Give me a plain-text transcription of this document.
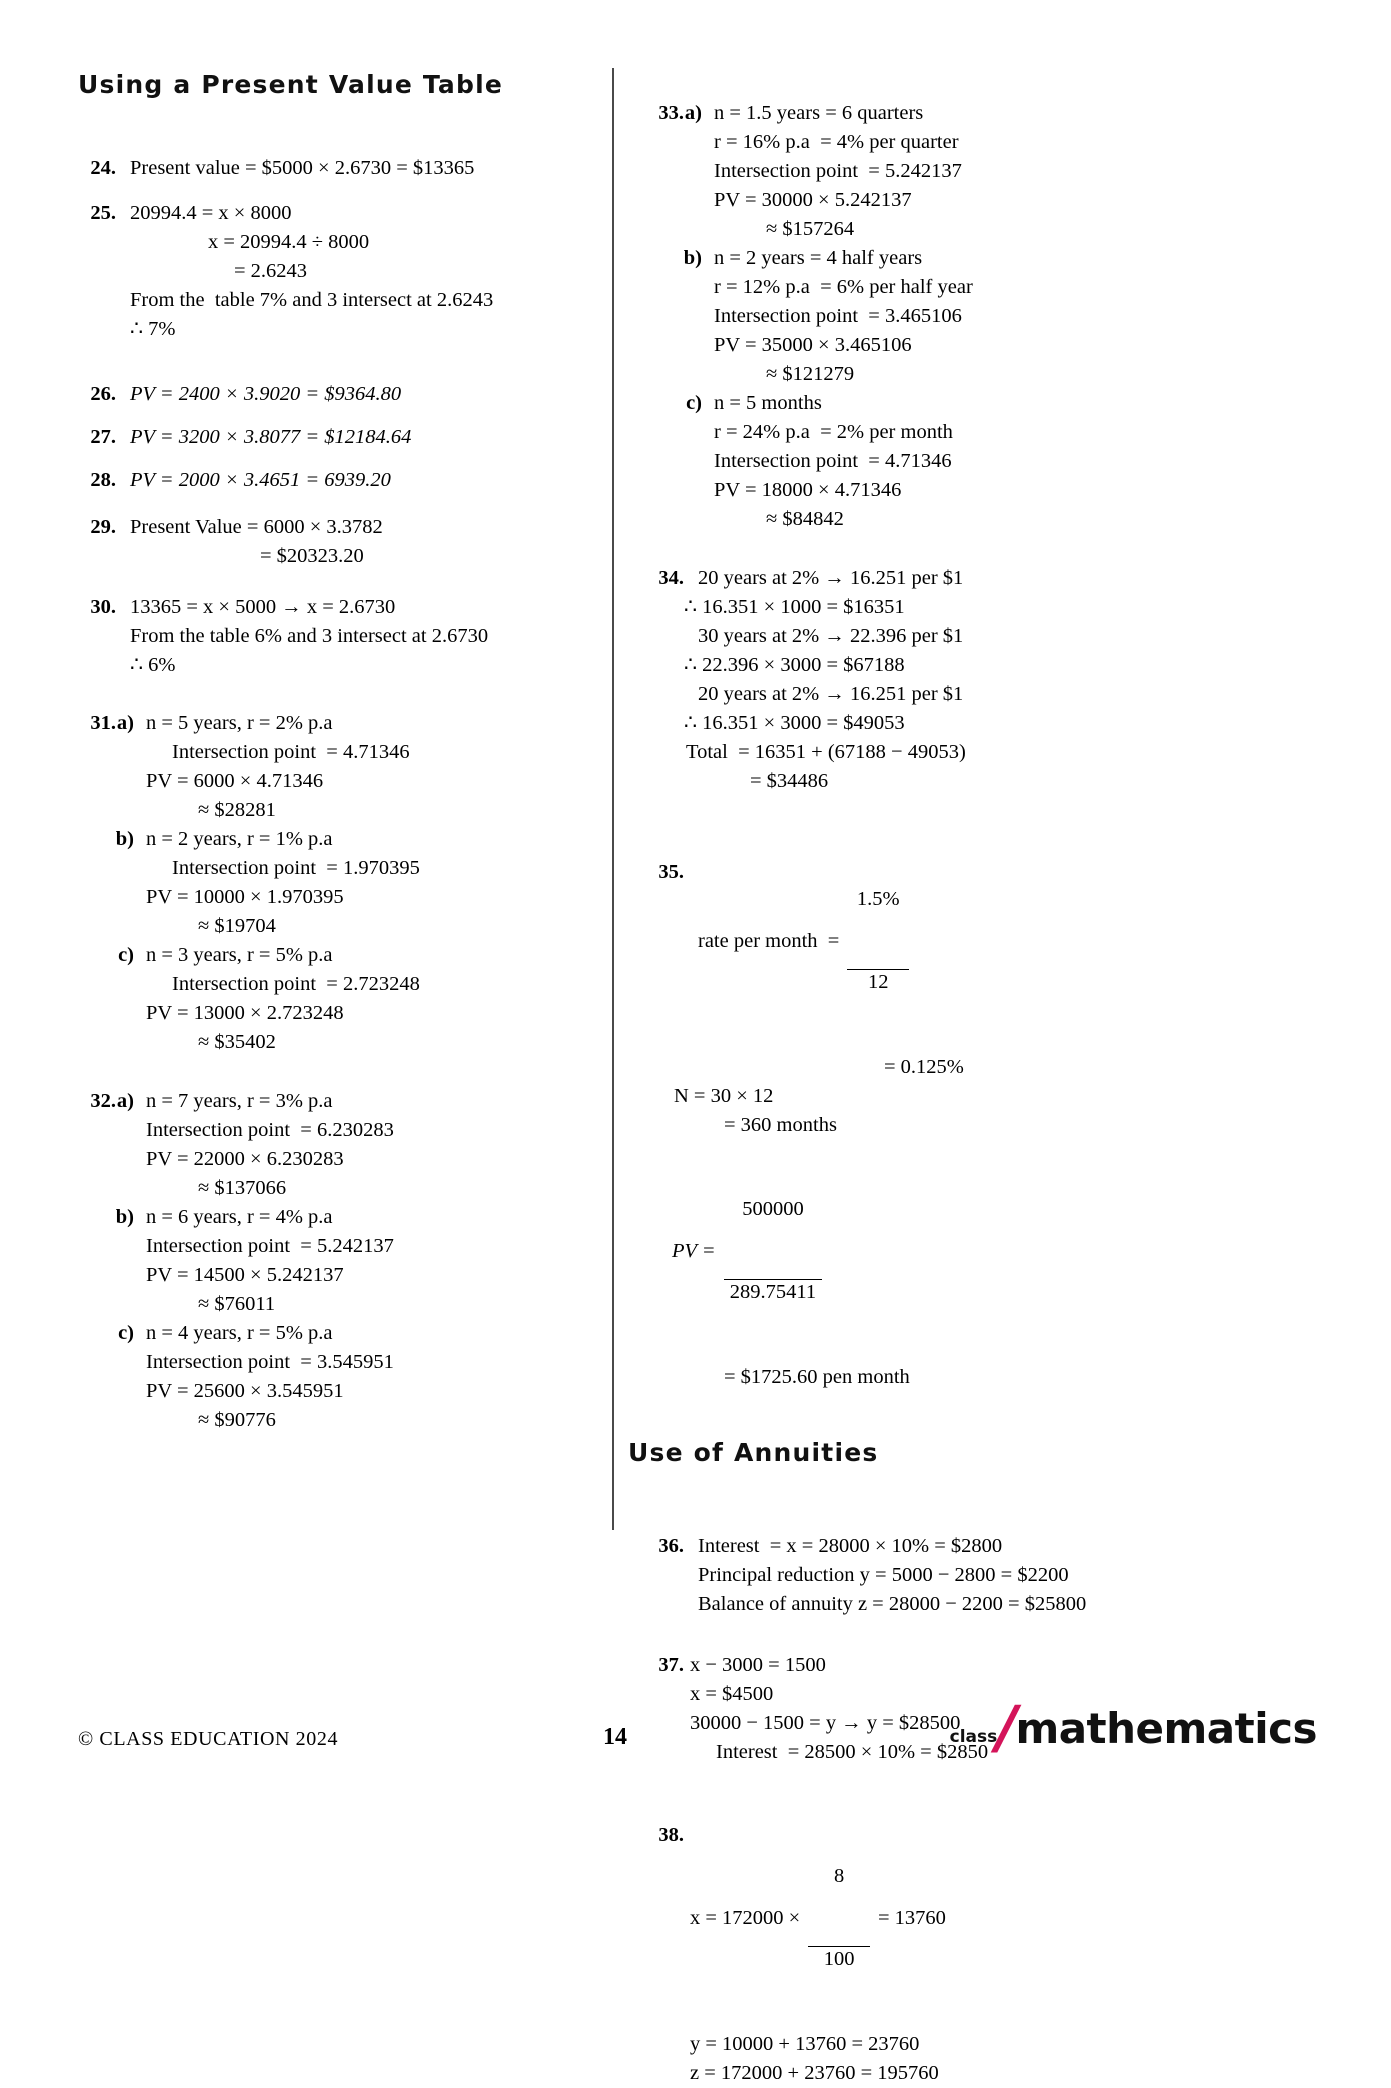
Using a Present Value Table
24. Present value = $5000 × 2.6730 = $13365
25. 20994.4 = x × 8000
x = 20994.4 ÷ 8000
= 2.6243
From the  table 7% and 3 intersect at 2.6243
∴ 7%
26. PV = 2400 × 3.9020 = $9364.80
27. PV = 3200 × 3.8077 = $12184.64
28. PV = 2000 × 3.4651 = 6939.20
29. Present Value = 6000 × 3.3782
= $20323.20
30. 13365 = x × 5000 → x = 2.6730
From the table 6% and 3 intersect at 2.6730
∴ 6%
31. a) n = 5 years, r = 2% p.a
Intersection point  = 4.71346
PV = 6000 × 4.71346
≈ $28281
b) n = 2 years, r = 1% p.a
Intersection point  = 1.970395
PV = 10000 × 1.970395
≈ $19704
c) n = 3 years, r = 5% p.a
Intersection point  = 2.723248
PV = 13000 × 2.723248
≈ $35402
32. a) n = 7 years, r = 3% p.a
Intersection point  = 6.230283
PV = 22000 × 6.230283
≈ $137066
b) n = 6 years, r = 4% p.a
Intersection point  = 5.242137
PV = 14500 × 5.242137
≈ $76011
c) n = 4 years, r = 5% p.a
Intersection point  = 3.545951
PV = 25600 × 3.545951
≈ $90776
33. a) n = 1.5 years = 6 quarters
r = 16% p.a  = 4% per quarter
Intersection point  = 5.242137
PV = 30000 × 5.242137
≈ $157264
b) n = 2 years = 4 half years
r = 12% p.a  = 6% per half year
Intersection point  = 3.465106
PV = 35000 × 3.465106
≈ $121279
c) n = 5 months
r = 24% p.a  = 2% per month
Intersection point  = 4.71346
PV = 18000 × 4.71346
≈ $84842
34. 20 years at 2% → 16.251 per $1
∴ 16.351 × 1000 = $16351
30 years at 2% → 22.396 per $1
∴ 22.396 × 3000 = $67188
20 years at 2% → 16.251 per $1
∴ 16.351 × 3000 = $49053
Total  = 16351 + (67188 − 49053)
= $34486
35.
rate per month  =

$\frac{1.5\%}{12}$

= 0.125%
N = 30 × 12
= 360 months
PV =

$\frac{500000}{289.75411}$

= $1725.60 pen month
Use of Annuities
36. Interest  = x = 28000 × 10% = $2800
Principal reduction y = 5000 − 2800 = $2200
Balance of annuity z = 28000 − 2200 = $25800
37. x − 3000 = 1500
x = $4500
30000 − 1500 = y → y = $28500
Interest  = 28500 × 10% = $2850
38.
x = 172000 ×

$\frac{8}{100}$

= 13760
y = 10000 + 13760 = 23760
z = 172000 + 23760 = 195760
© CLASS EDUCATION 2024	14	class /
mathematics
